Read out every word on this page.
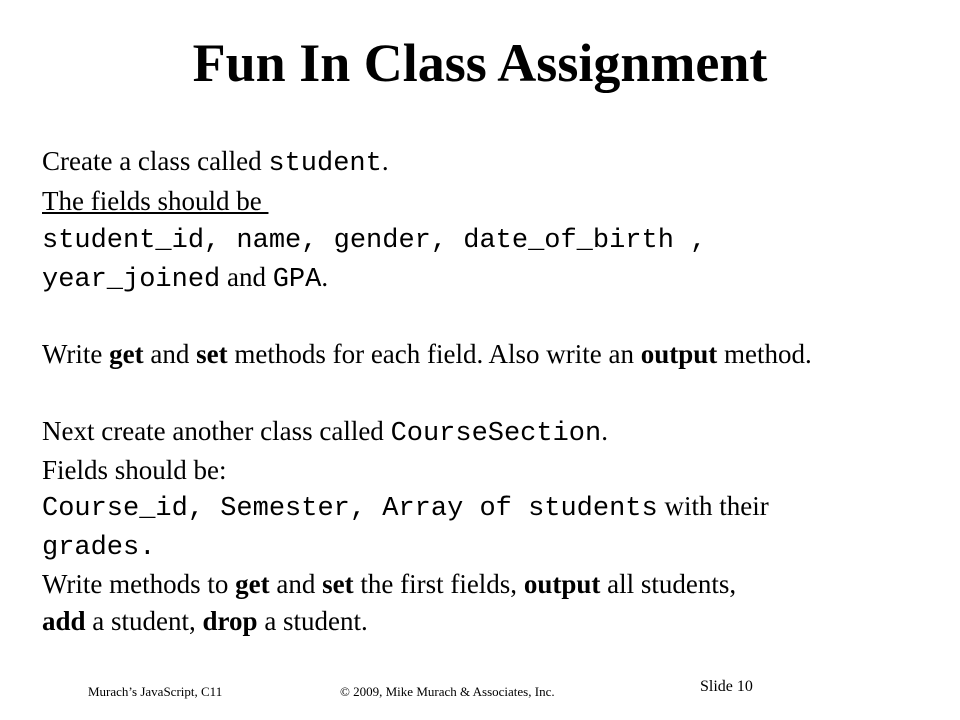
Fun In Class Assignment
Create a class called student.
The fields should be
student_id, name, gender, date_of_birth ,
year_joined and GPA.
Write get and set methods for each field. Also write an output method.
Next create another class called CourseSection.
Fields should be:
Course_id, Semester, Array of students with their
grades.
Write methods to get and set the first fields, output all students,
add a student, drop a student.
Murach’s JavaScript, C11	© 2009, Mike Murach & Associates, Inc.	Slide 10
